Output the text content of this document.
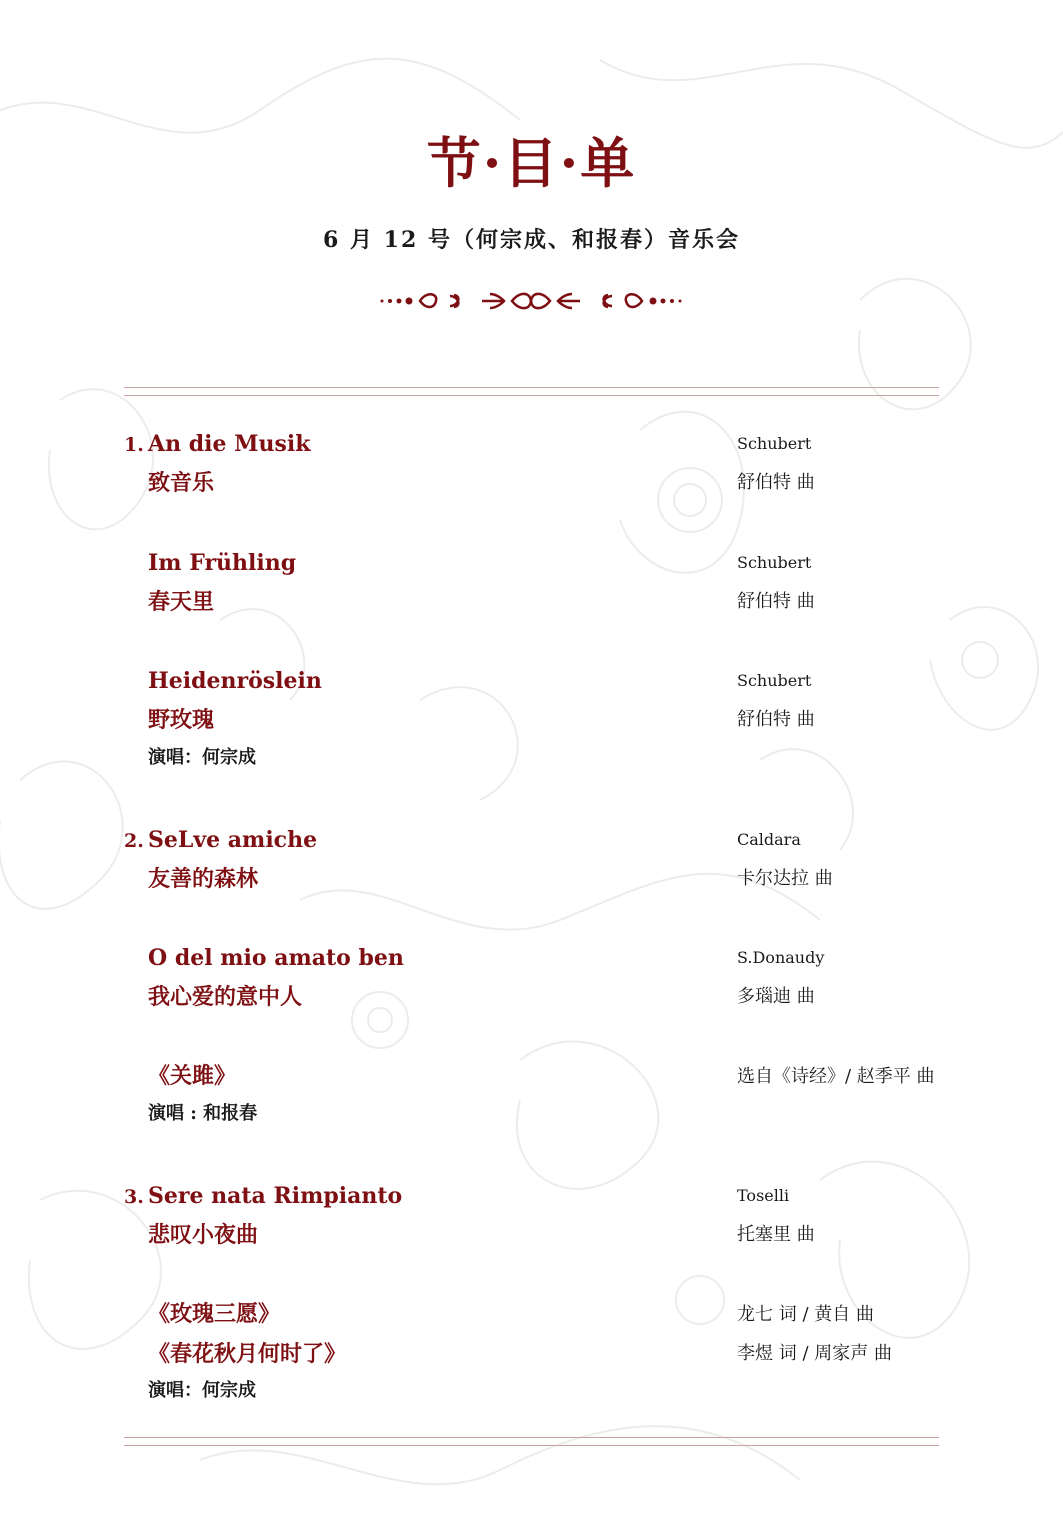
节·目·单
6 月 12 号（何宗成、和报春）音乐会
1. An die Musik	Schubert
致音乐	舒伯特 曲
Im Frühling	Schubert
春天里	舒伯特 曲
Heidenröslein	Schubert
野玫瑰	舒伯特 曲
演唱：何宗成
2. SeLve amiche	Caldara
友善的森林	卡尔达拉 曲
O del mio amato ben	S.Donaudy
我心爱的意中人	多瑙迪 曲
《关雎》	选自《诗经》/ 赵季平 曲
演唱 : 和报春
3. Sere nata Rimpianto	Toselli
悲叹小夜曲	托塞里 曲
《玫瑰三愿》	龙七 词 / 黄自 曲
《春花秋月何时了》	李煜 词 / 周家声 曲
演唱：何宗成
